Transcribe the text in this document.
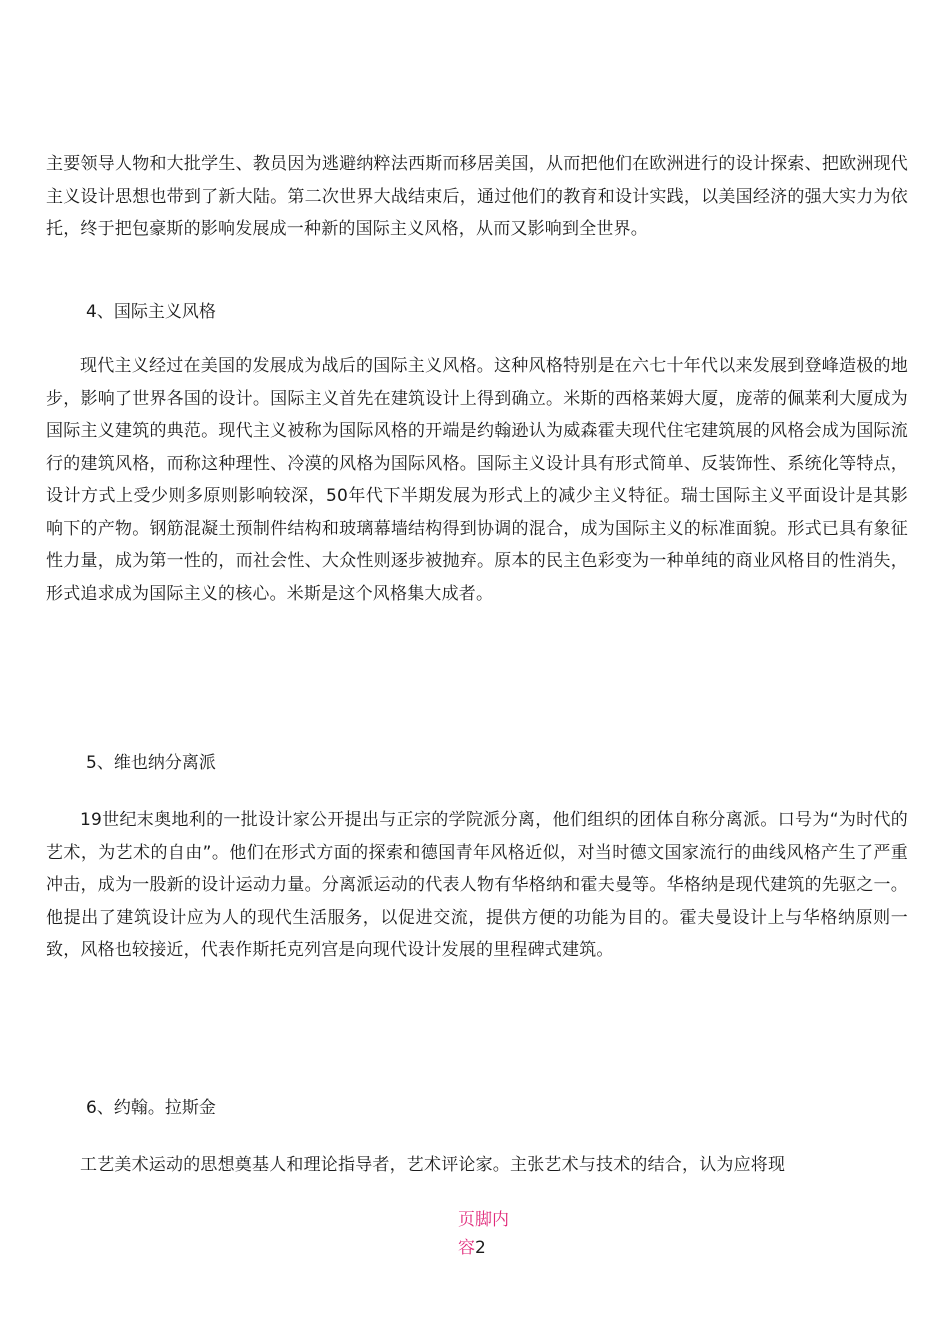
主要领导人物和大批学生、教员因为逃避纳粹法西斯而移居美国，从而把他们在欧洲进行的设计探索、把欧洲现代主义设计思想也带到了新大陆。第二次世界大战结束后，通过他们的教育和设计实践，以美国经济的强大实力为依托，终于把包豪斯的影响发展成一种新的国际主义风格，从而又影响到全世界。

4、国际主义风格

现代主义经过在美国的发展成为战后的国际主义风格。这种风格特别是在六七十年代以来发展到登峰造极的地步，影响了世界各国的设计。国际主义首先在建筑设计上得到确立。米斯的西格莱姆大厦，庞蒂的佩莱利大厦成为国际主义建筑的典范。现代主义被称为国际风格的开端是约翰逊认为威森霍夫现代住宅建筑展的风格会成为国际流行的建筑风格，而称这种理性、冷漠的风格为国际风格。国际主义设计具有形式简单、反装饰性、系统化等特点，设计方式上受少则多原则影响较深，50年代下半期发展为形式上的减少主义特征。瑞士国际主义平面设计是其影响下的产物。钢筋混凝土预制件结构和玻璃幕墙结构得到协调的混合，成为国际主义的标准面貌。形式已具有象征性力量，成为第一性的，而社会性、大众性则逐步被抛弃。原本的民主色彩变为一种单纯的商业风格目的性消失，形式追求成为国际主义的核心。米斯是这个风格集大成者。

5、维也纳分离派

19世纪末奥地利的一批设计家公开提出与正宗的学院派分离，他们组织的团体自称分离派。口号为“为时代的艺术，为艺术的自由”。他们在形式方面的探索和德国青年风格近似，对当时德文国家流行的曲线风格产生了严重冲击，成为一股新的设计运动力量。分离派运动的代表人物有华格纳和霍夫曼等。华格纳是现代建筑的先驱之一。他提出了建筑设计应为人的现代生活服务，以促进交流，提供方便的功能为目的。霍夫曼设计上与华格纳原则一致，风格也较接近，代表作斯托克列宫是向现代设计发展的里程碑式建筑。

6、约翰。拉斯金

工艺美术运动的思想奠基人和理论指导者，艺术评论家。主张艺术与技术的结合，认为应将现

页脚内
容2
